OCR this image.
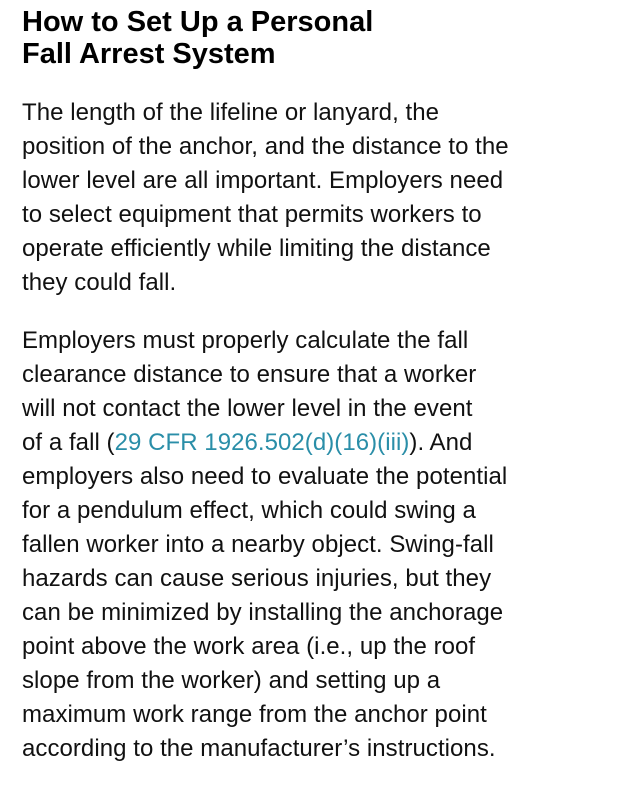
How to Set Up a Personal
Fall Arrest System

The length of the lifeline or lanyard, the
position of the anchor, and the distance to the
lower level are all important. Employers need
to select equipment that permits workers to
operate efficiently while limiting the distance
they could fall.

Employers must properly calculate the fall
clearance distance to ensure that a worker
will not contact the lower level in the event
of a fall (29 CFR 1926.502(d)(16)(iii)). And
employers also need to evaluate the potential
for a pendulum effect, which could swing a
fallen worker into a nearby object. Swing-fall
hazards can cause serious injuries, but they
can be minimized by installing the anchorage
point above the work area (i.e., up the roof
slope from the worker) and setting up a
maximum work range from the anchor point
according to the manufacturer’s instructions.
